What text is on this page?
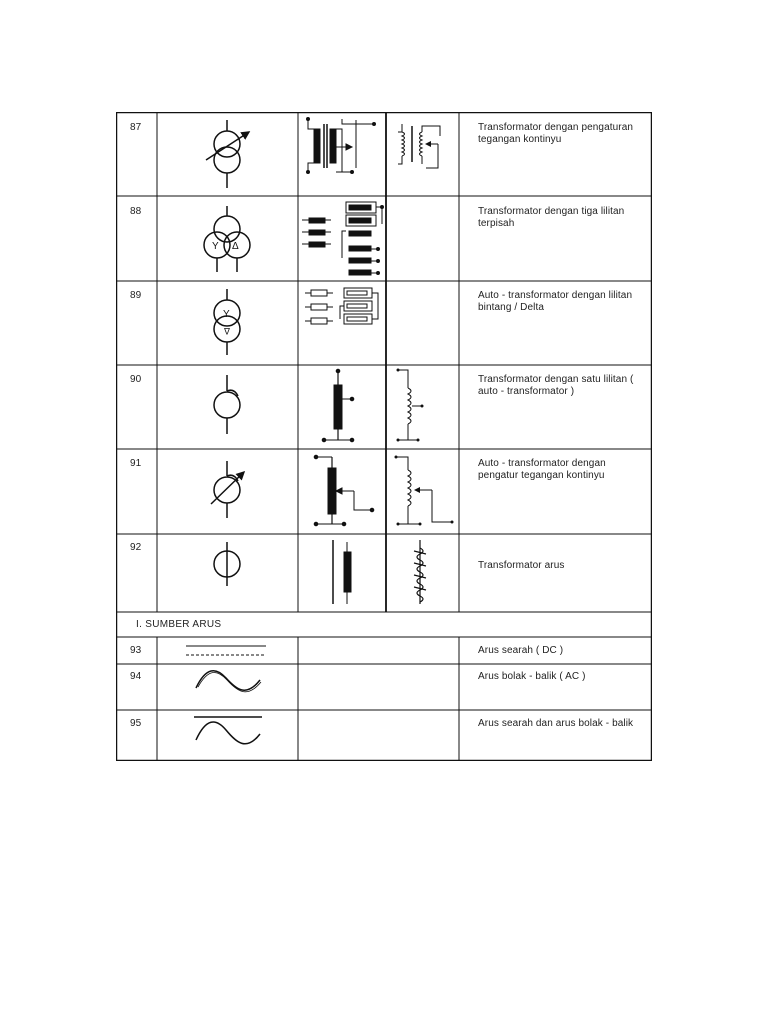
Y Δ
Y
Δ
87
88
89
90
91
92
Transformator dengan pengaturan tegangan kontinyu
Transformator dengan tiga lilitan terpisah
Auto - transformator dengan lilitan bintang / Delta
Transformator dengan satu lilitan ( auto - transformator )
Auto - transformator dengan pengatur tegangan kontinyu
Transformator arus
I. SUMBER ARUS
93
94
95
Arus searah ( DC )
Arus bolak - balik ( AC )
Arus searah dan arus bolak - balik
